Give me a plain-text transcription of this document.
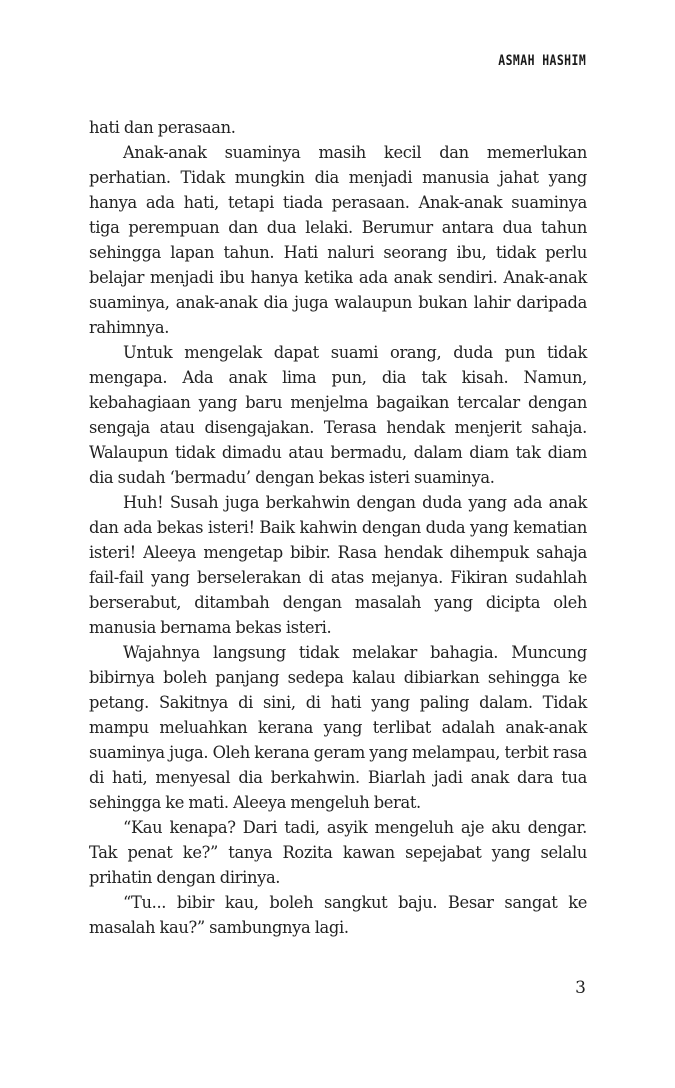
ASMAH HASHIM

hati dan perasaan.

Anak-anak suaminya masih kecil dan memerlukan perhatian. Tidak mungkin dia menjadi manusia jahat yang hanya ada hati, tetapi tiada perasaan. Anak-anak suaminya tiga perempuan dan dua lelaki. Berumur antara dua tahun sehingga lapan tahun. Hati naluri seorang ibu, tidak perlu belajar menjadi ibu hanya ketika ada anak sendiri. Anak-anak suaminya, anak-anak dia juga walaupun bukan lahir daripada rahimnya.

Untuk mengelak dapat suami orang, duda pun tidak mengapa. Ada anak lima pun, dia tak kisah. Namun, kebahagiaan yang baru menjelma bagaikan tercalar dengan sengaja atau disengajakan. Terasa hendak menjerit sahaja. Walaupun tidak dimadu atau bermadu, dalam diam tak diam dia sudah ‘bermadu’ dengan bekas isteri suaminya.

Huh! Susah juga berkahwin dengan duda yang ada anak dan ada bekas isteri! Baik kahwin dengan duda yang kematian isteri! Aleeya mengetap bibir. Rasa hendak dihempuk sahaja fail-fail yang berselerakan di atas mejanya. Fikiran sudahlah berserabut, ditambah dengan masalah yang dicipta oleh manusia bernama bekas isteri.

Wajahnya langsung tidak melakar bahagia. Muncung bibirnya boleh panjang sedepa kalau dibiarkan sehingga ke petang. Sakitnya di sini, di hati yang paling dalam. Tidak mampu meluahkan kerana yang terlibat adalah anak-anak suaminya juga. Oleh kerana geram yang melampau, terbit rasa di hati, menyesal dia berkahwin. Biarlah jadi anak dara tua sehingga ke mati. Aleeya mengeluh berat.

“Kau kenapa? Dari tadi, asyik mengeluh aje aku dengar. Tak penat ke?” tanya Rozita kawan sepejabat yang selalu prihatin dengan dirinya.

“Tu... bibir kau, boleh sangkut baju. Besar sangat ke masalah kau?” sambungnya lagi.

3
